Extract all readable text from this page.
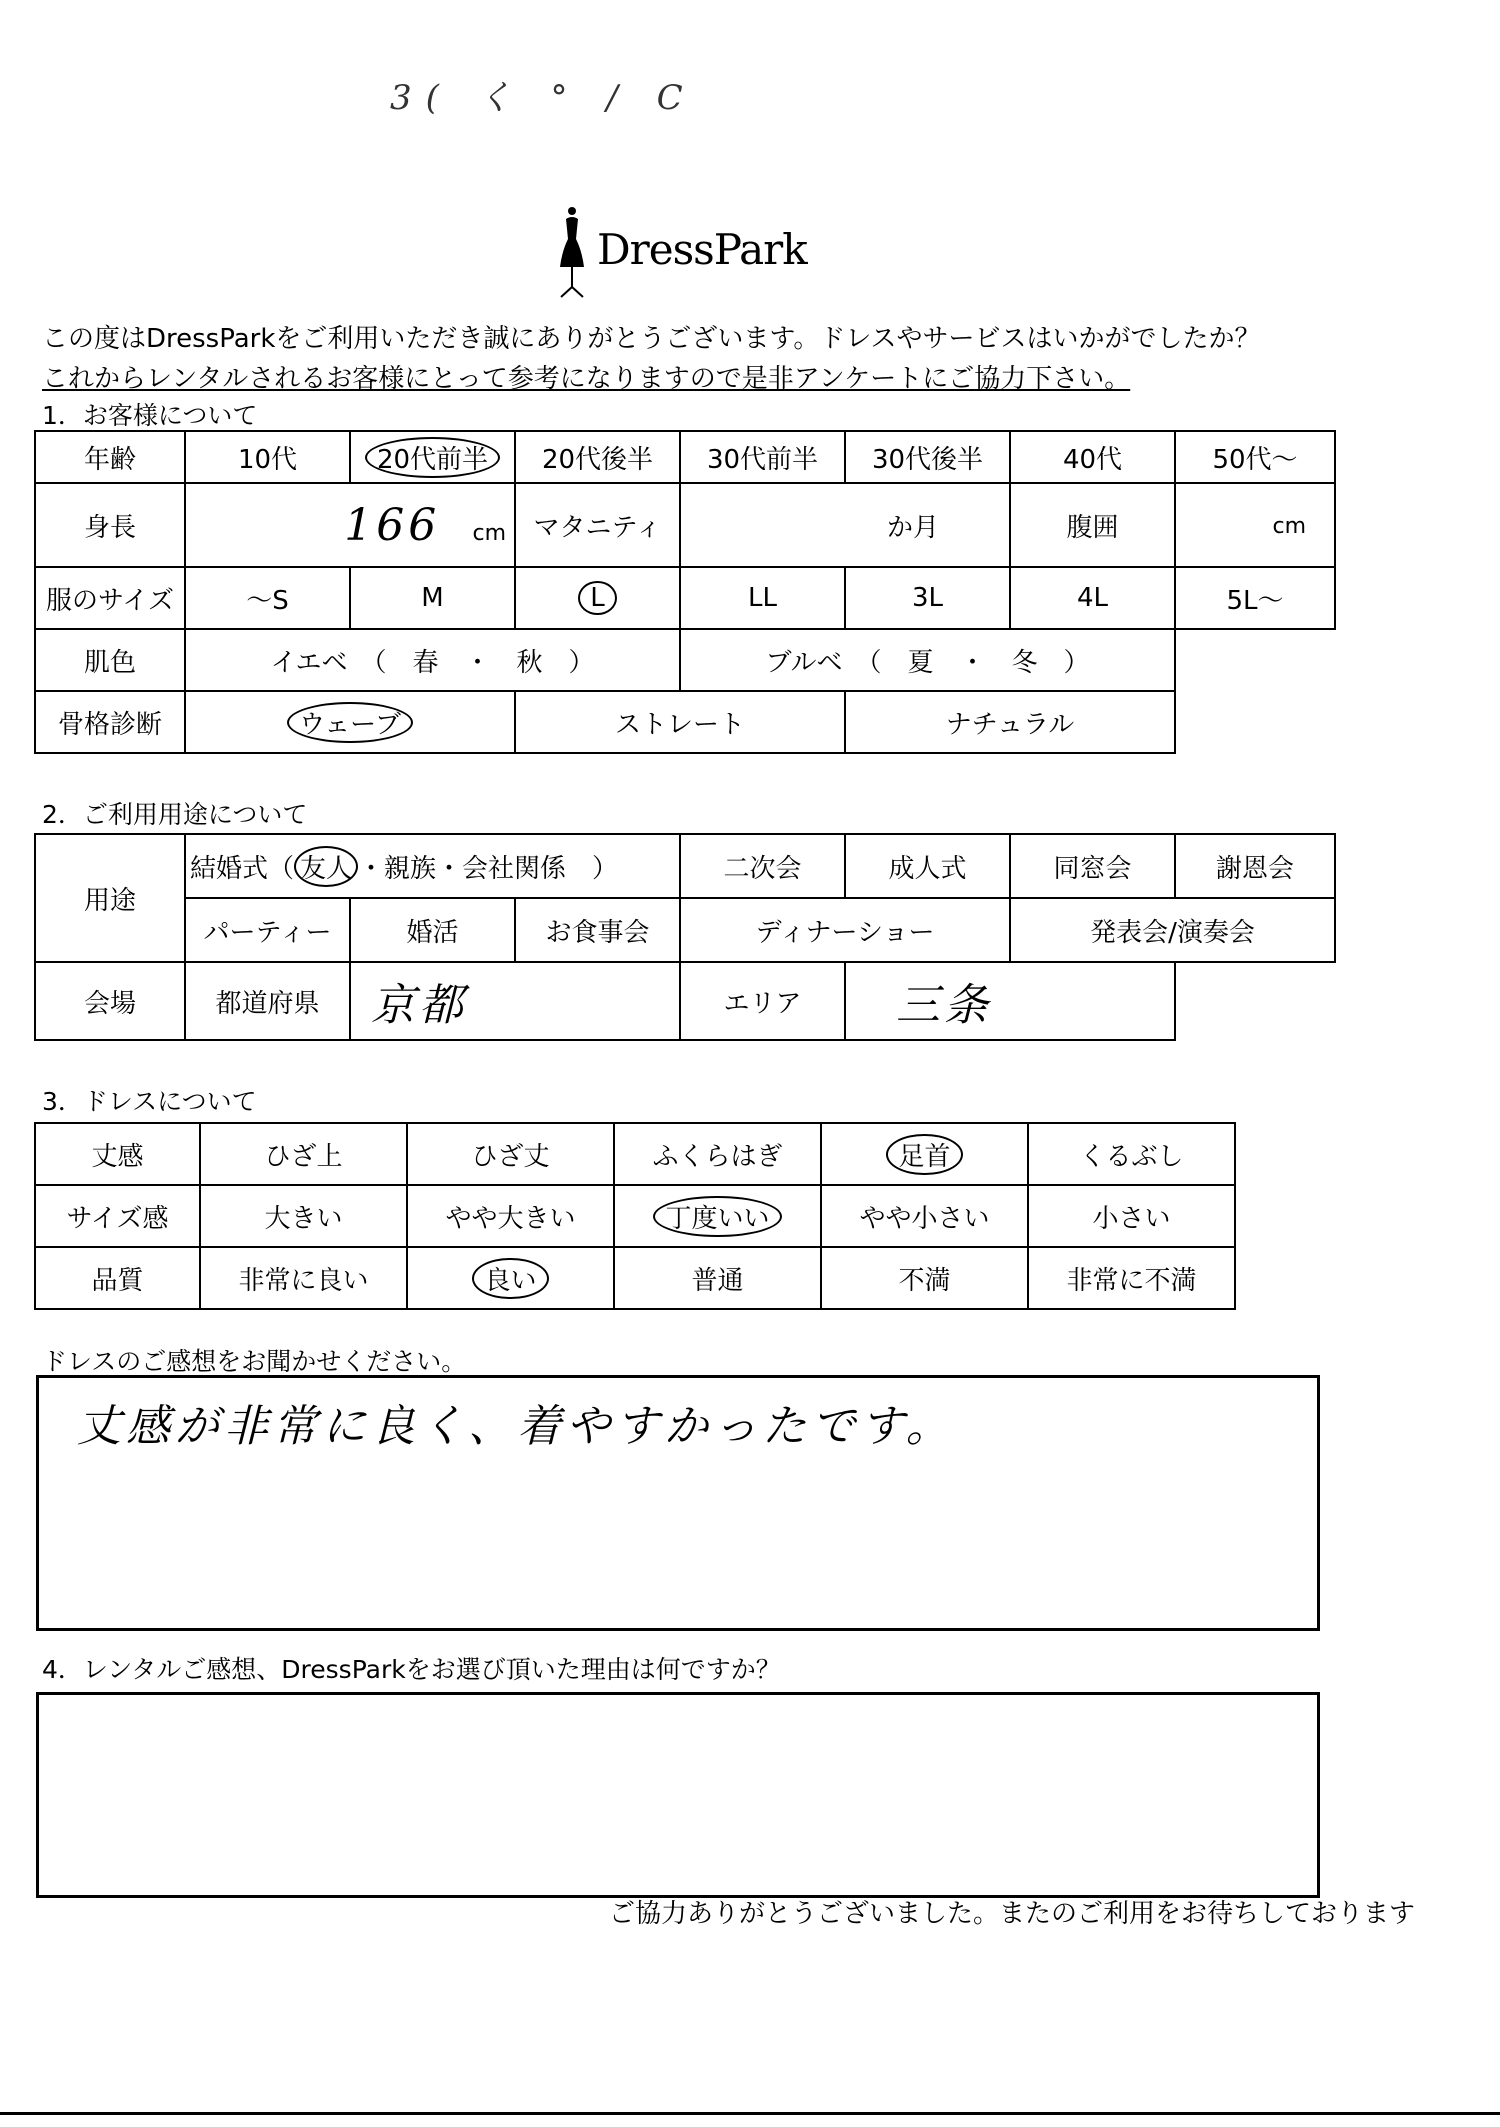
3( く ° / C
DressPark
この度はDressParkをご利用いただき誠にありがとうございます。ドレスやサービスはいかがでしたか？
これからレンタルされるお客様にとって参考になりますので是非アンケートにご協力下さい。
1．お客様について
年齢	10代	20代前半	20代後半	30代前半	30代後半	40代	50代～
身長	166 cm		マタニティ	か月		腹囲	cm
服のサイズ	～S	M	L	LL	3L	4L	5L～
肌色	イエベ　（　春　・　秋　）			ブルベ　（　夏　・　冬　）			
骨格診断	ウェーブ		ストレート		ナチュラル		
2．ご利用用途について
用途	結婚式（ 友人 ・親族・会社関係　）			二次会	成人式	同窓会	謝恩会
	パーティー	婚活	お食事会	ディナーショー		発表会/演奏会	
会場	都道府県	京都		エリア	三条		
3．ドレスについて
丈感	ひざ上	ひざ丈	ふくらはぎ	足首	くるぶし
サイズ感	大きい	やや大きい	丁度いい	やや小さい	小さい
品質	非常に良い	良い	普通	不満	非常に不満
ドレスのご感想をお聞かせください。
丈感が非常に良く、着やすかったです。
4．レンタルご感想、DressParkをお選び頂いた理由は何ですか？
ご協力ありがとうございました。またのご利用をお待ちしております
